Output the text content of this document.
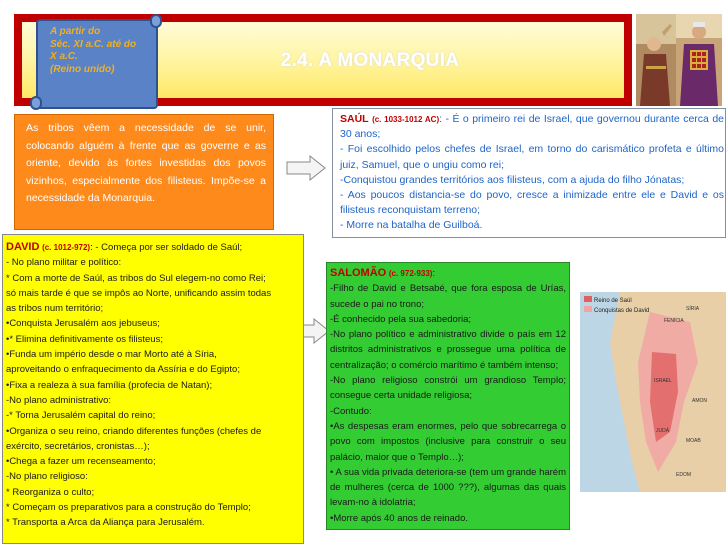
2.4. A MONARQUIA
A partir do
Séc. XI a.C. até do
X a.C.
(Reino unido)
As tribos vêem a necessidade de se unir, colocando alguém à frente que as governe e as oriente, devido às fortes investidas dos povos vizinhos, especialmente dos filisteus. Impõe-se a necessidade da Monarquia.
SAÚL (c. 1033-1012 AC): - É o primeiro rei de Israel, que governou durante cerca de 30 anos;
- Foi escolhido pelos chefes de Israel, em torno do carismático profeta e último juiz, Samuel, que o ungiu como rei;
-Conquistou grandes territórios aos filisteus, com a ajuda do filho Jónatas;
- Aos poucos distancia-se do povo, cresce a inimizade entre ele e David e os filisteus reconquistam terreno;
- Morre na batalha de Guilboá.
DAVID (c. 1012-972): - Começa por ser soldado de Saúl;
- No plano militar e político:
* Com a morte de Saúl, as tribos do Sul elegem-no como Rei;
só mais tarde é que se impôs ao Norte, unificando assim todas
as tribos num território;
•Conquista Jerusalém aos jebuseus;
•* Elimina definitivamente os filisteus;
•Funda um império desde o mar Morto até à Síria,
aproveitando o enfraquecimento da Assíria e do Egipto;
•Fixa a realeza à sua família (profecia de Natan);
-No plano administrativo:
-* Torna Jerusalém capital do reino;
•Organiza o seu reino, criando diferentes funções (chefes de
exército, secretários, cronistas…);
•Chega a fazer um recenseamento;
-No plano religioso:
* Reorganiza o culto;
* Começam os preparativos para a construção do Templo;
* Transporta a Arca da Aliança para Jerusalém.
SALOMÃO (c. 972-933):
-Filho de David e Betsabé, que fora esposa de Urías, sucede o pai no trono;
-É conhecido pela sua sabedoria;
-No plano político e administrativo divide o país em 12 distritos administrativos e prossegue uma política de centralização; o comércio marítimo é também intenso;
-No plano religioso constrói um grandioso Templo; consegue certa unidade religiosa;
-Contudo:
•As despesas eram enormes, pelo que sobrecarrega o povo com impostos (inclusive para construir o seu palácio, maior que o Templo…);
• A sua vida privada deteriora-se (tem um grande harém de mulheres (cerca de 1000 ???), algumas das quais levam-no à idolatria;
•Morre após 40 anos de reinado.
Reino de Saúl
Conquistas de David
FENÍCIA
SÍRIA
ISRAEL
JUDÁ
EDOM
MOAB
AMON
